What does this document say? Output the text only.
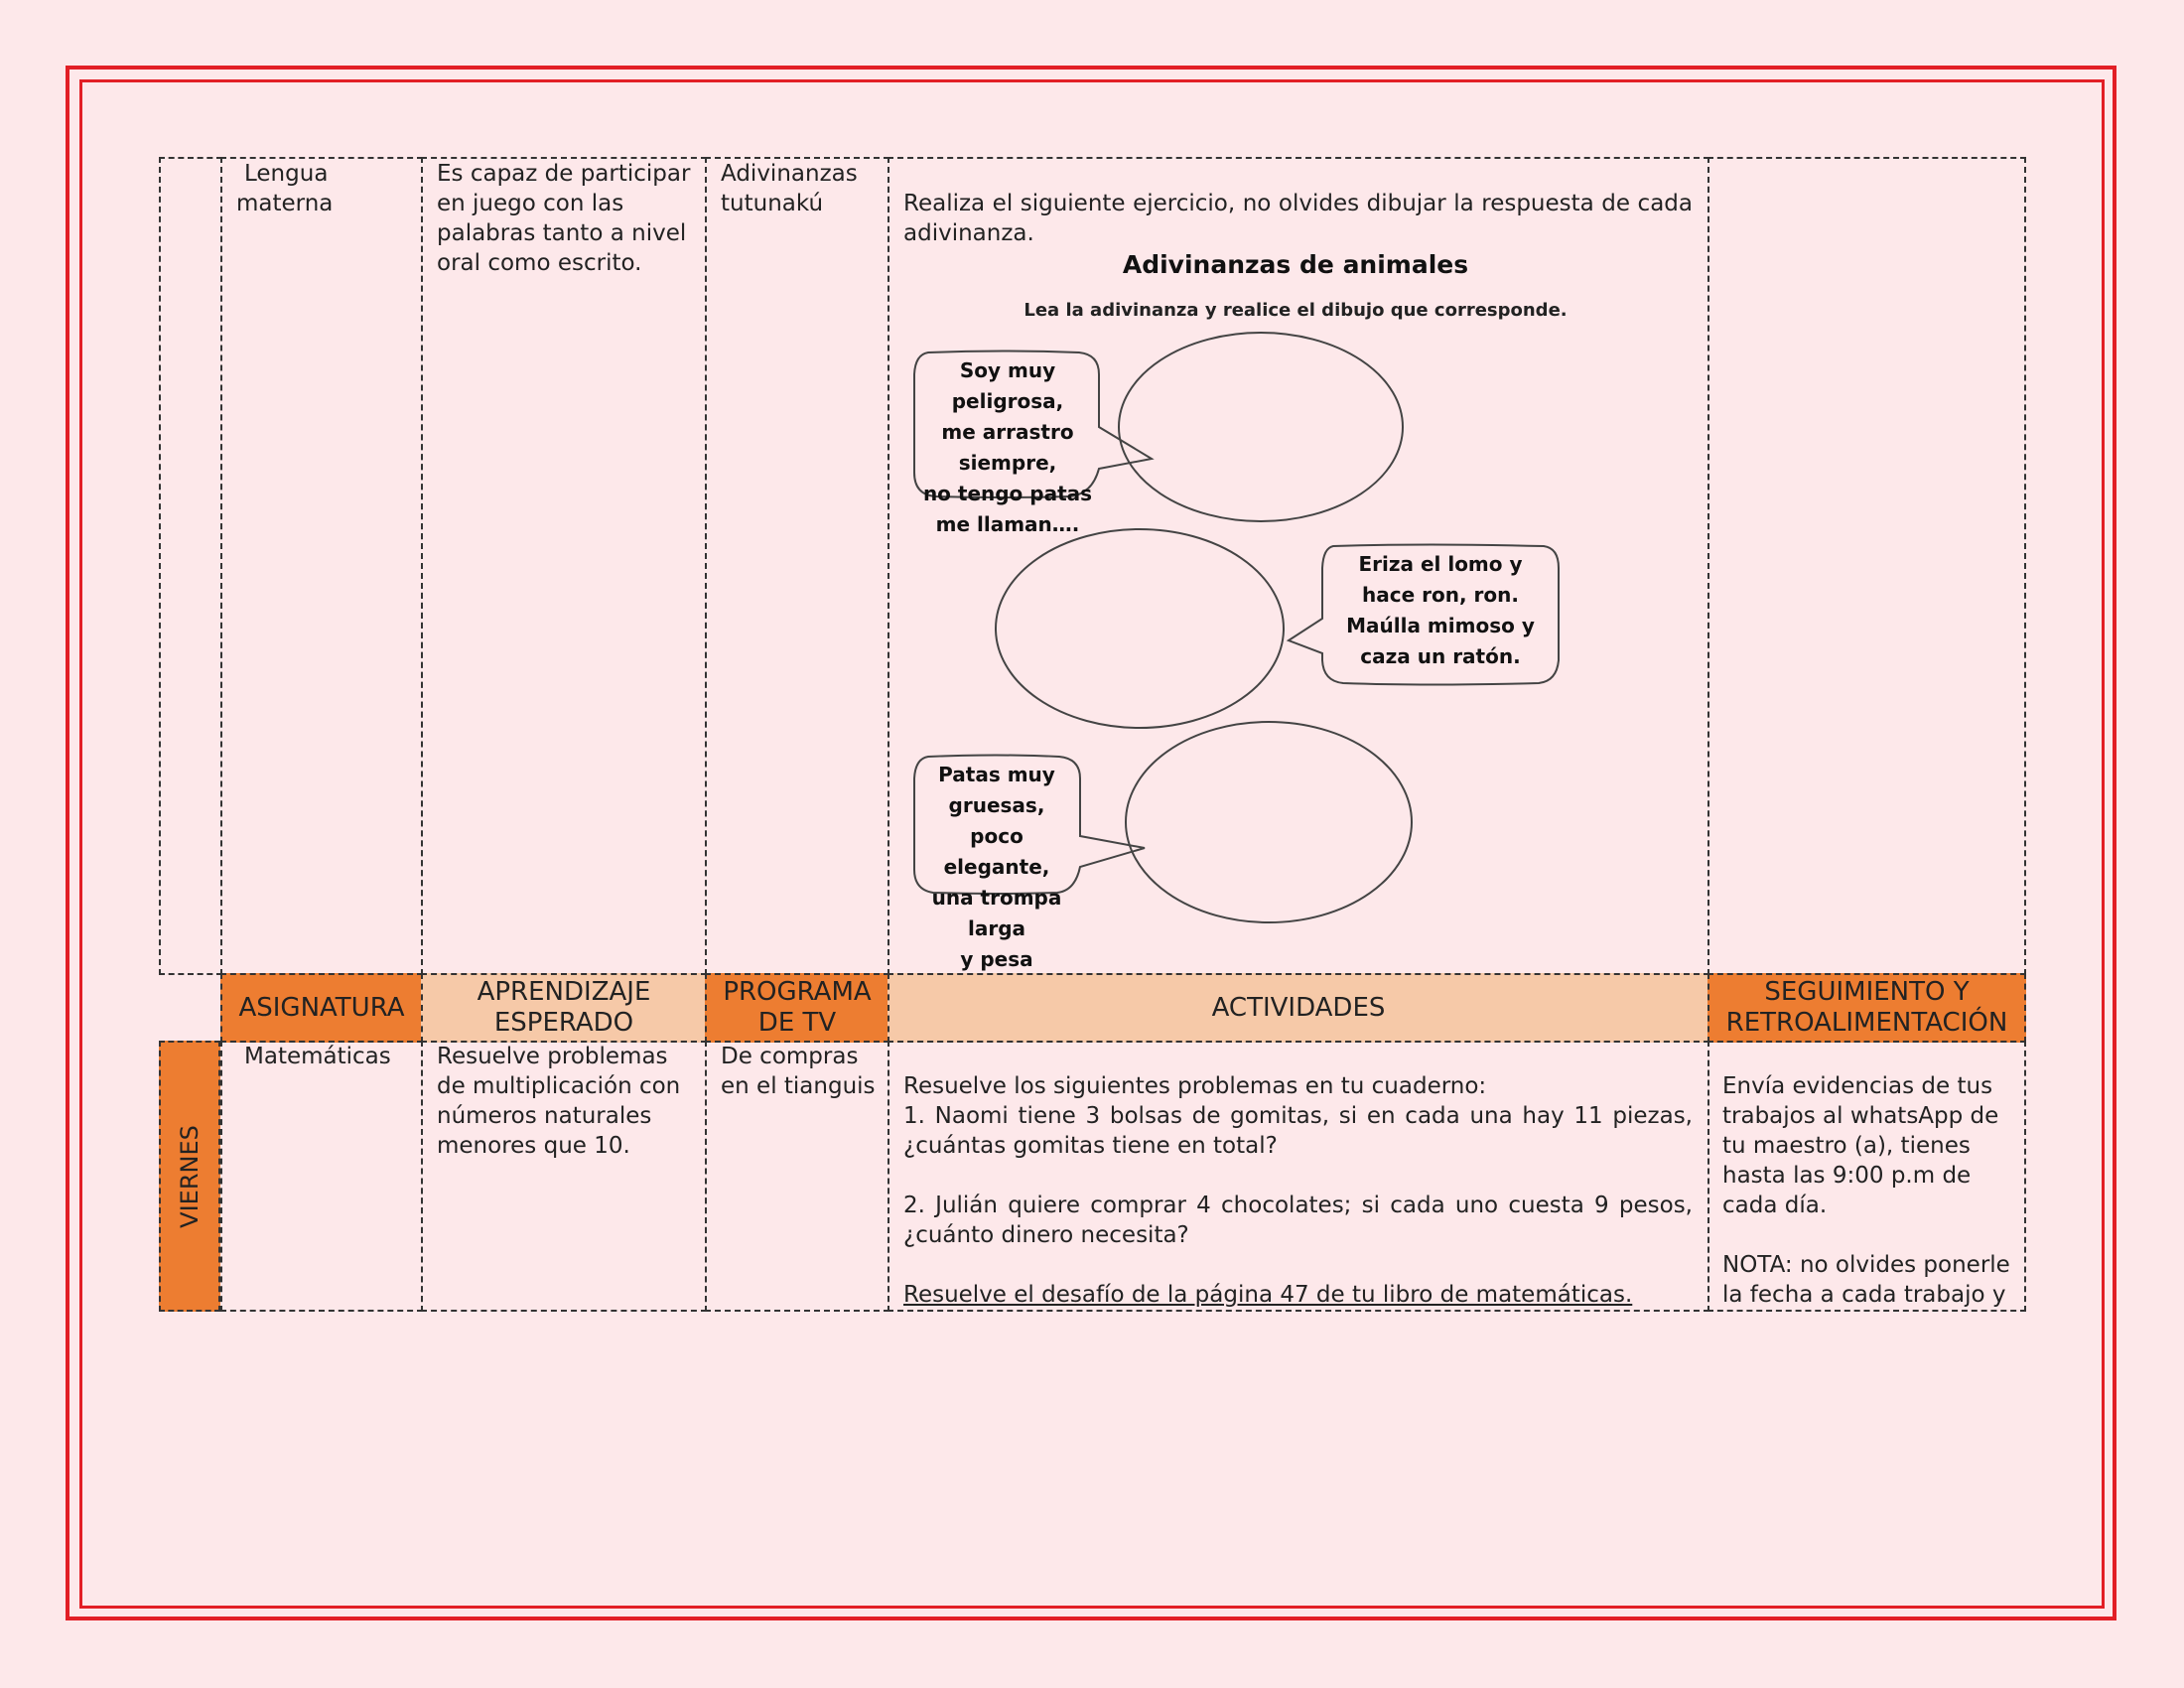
Lengua
materna
Es capaz de participar
en juego con las
palabras tanto a nivel
oral como escrito.
Adivinanzas
tutunakú	Realiza el siguiente ejercicio, no olvides dibujar la respuesta de cada adivinanza.
Adivinanzas de animales
Lea la adivinanza y realice el dibujo que corresponde.
Soy muy peligrosa,
me arrastro siempre,
no tengo patas
me llaman….
Eriza el lomo y
hace ron, ron.
Maúlla mimoso y
caza un ratón.
Patas muy gruesas,
poco elegante,
una trompa larga
y pesa
ASIGNATURA
APRENDIZAJE
ESPERADO
PROGRAMA
DE TV
ACTIVIDADES
SEGUIMIENTO Y
RETROALIMENTACIÓN
VIERNES
Matemáticas Resuelve problemas
de multiplicación con
números naturales
menores que 10.
De compras
en el tianguis Resuelve los siguientes problemas en tu cuaderno:
1. Naomi tiene 3 bolsas de gomitas, si en cada una hay 11 piezas, ¿cuántas gomitas tiene en total?
2. Julián quiere comprar 4 chocolates; si cada uno cuesta 9 pesos, ¿cuánto dinero necesita?
Resuelve el desafío de la página 47 de tu libro de matemáticas.
Envía evidencias de tus
trabajos al whatsApp de
tu maestro (a), tienes
hasta las 9:00 p.m de
cada día.
NOTA: no olvides ponerle
la fecha a cada trabajo y
